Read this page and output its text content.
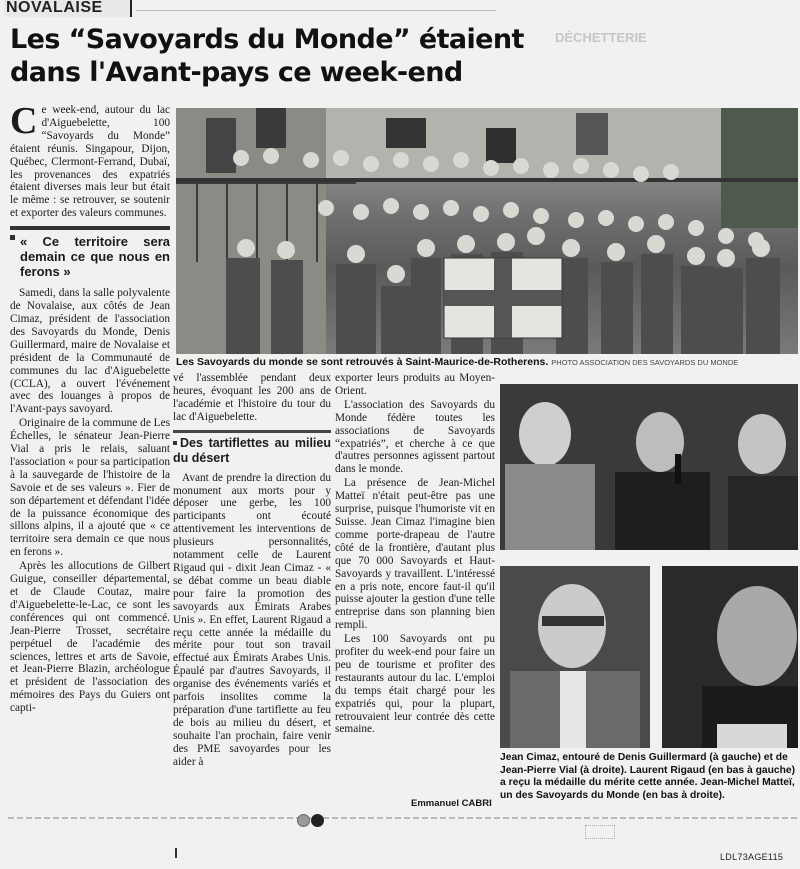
DÉCHETTERIE
NOVALAISE
Les “Savoyards du Monde” étaient
dans l'Avant-pays ce week-end

Ce week-end, autour du lac d'Aiguebelette, 100 “Savoyards du Monde” étaient réunis. Singapour, Dijon, Québec, Clermont-Ferrand, Dubaï, les provenances des expatriés étaient diverses mais leur but était le même : se retrouver, se soutenir et exporter des valeurs communes.

« Ce territoire sera demain ce que nous en ferons »

Samedi, dans la salle polyvalente de Novalaise, aux côtés de Jean Cimaz, président de l'association des Savoyards du Monde, Denis Guillermard, maire de Novalaise et président de la Communauté de communes du lac d'Aiguebelette (CCLA), a ouvert l'événement avec des louanges à propos de l'Avant-pays savoyard.

Originaire de la commune de Les Échelles, le sénateur Jean-Pierre Vial a pris le relais, saluant l'association « pour sa participation à la sauvegarde de l'histoire de la Savoie et de ses valeurs ». Fier de son département et défendant l'idée de la puissance économique des sillons alpins, il a ajouté que « ce territoire sera demain ce que nous en ferons ».

Après les allocutions de Gilbert Guigue, conseiller départemental, et de Claude Coutaz, maire d'Aiguebelette-le-Lac, ce sont les conférences qui ont commencé. Jean-Pierre Trosset, secrétaire perpétuel de l'académie des sciences, lettres et arts de Savoie, et Jean-Pierre Blazin, archéologue et président de l'association des mémoires des Pays du Guiers ont capti-

Les Savoyards du monde se sont retrouvés à Saint-Maurice-de-Rotherens. PHOTO ASSOCIATION DES SAVOYARDS DU MONDE

vé l'assemblée pendant deux heures, évoquant les 200 ans de l'académie et l'histoire du tour du lac d'Aiguebelette.

Des tartiflettes au milieu du désert

Avant de prendre la direction du monument aux morts pour y déposer une gerbe, les 100 participants ont écouté attentivement les interventions de plusieurs personnalités, notamment celle de Laurent Rigaud qui - dixit Jean Cimaz - « se débat comme un beau diable pour faire la promotion des savoyards aux Émirats Arabes Unis ». En effet, Laurent Rigaud a reçu cette année la médaille du mérite pour tout son travail effectué aux Émirats Arabes Unis. Épaulé par d'autres Savoyards, il organise des événements variés et parfois insolites comme la préparation d'une tartiflette au feu de bois au milieu du désert, et souhaite l'an prochain, faire venir des PME savoyardes pour les aider à

exporter leurs produits au Moyen-Orient.

L'association des Savoyards du Monde fédère toutes les associations de Savoyards “expatriés”, et cherche à ce que d'autres personnes agissent partout dans le monde.

La présence de Jean-Michel Matteï n'était peut-être pas une surprise, puisque l'humoriste vit en Suisse. Jean Cimaz l'imagine bien comme porte-drapeau de l'autre côté de la frontière, d'autant plus que 70 000 Savoyards et Haut-Savoyards y travaillent. L'intéressé en a pris note, encore faut-il qu'il puisse ajouter la gestion d'une telle entreprise dans son planning bien rempli.

Les 100 Savoyards ont pu profiter du week-end pour faire un peu de tourisme et profiter des restaurants autour du lac. L'emploi du temps était chargé pour les expatriés qui, pour la plupart, retrouvaient leur contrée dès cette semaine.

Emmanuel CABRI
Jean Cimaz, entouré de Denis Guillermard (à gauche) et de Jean-Pierre Vial (à droite). Laurent Rigaud (en bas à gauche) a reçu la médaille du mérite cette année. Jean-Michel Matteï, un des Savoyards du Monde (en bas à droite).
LDL73AGE115
